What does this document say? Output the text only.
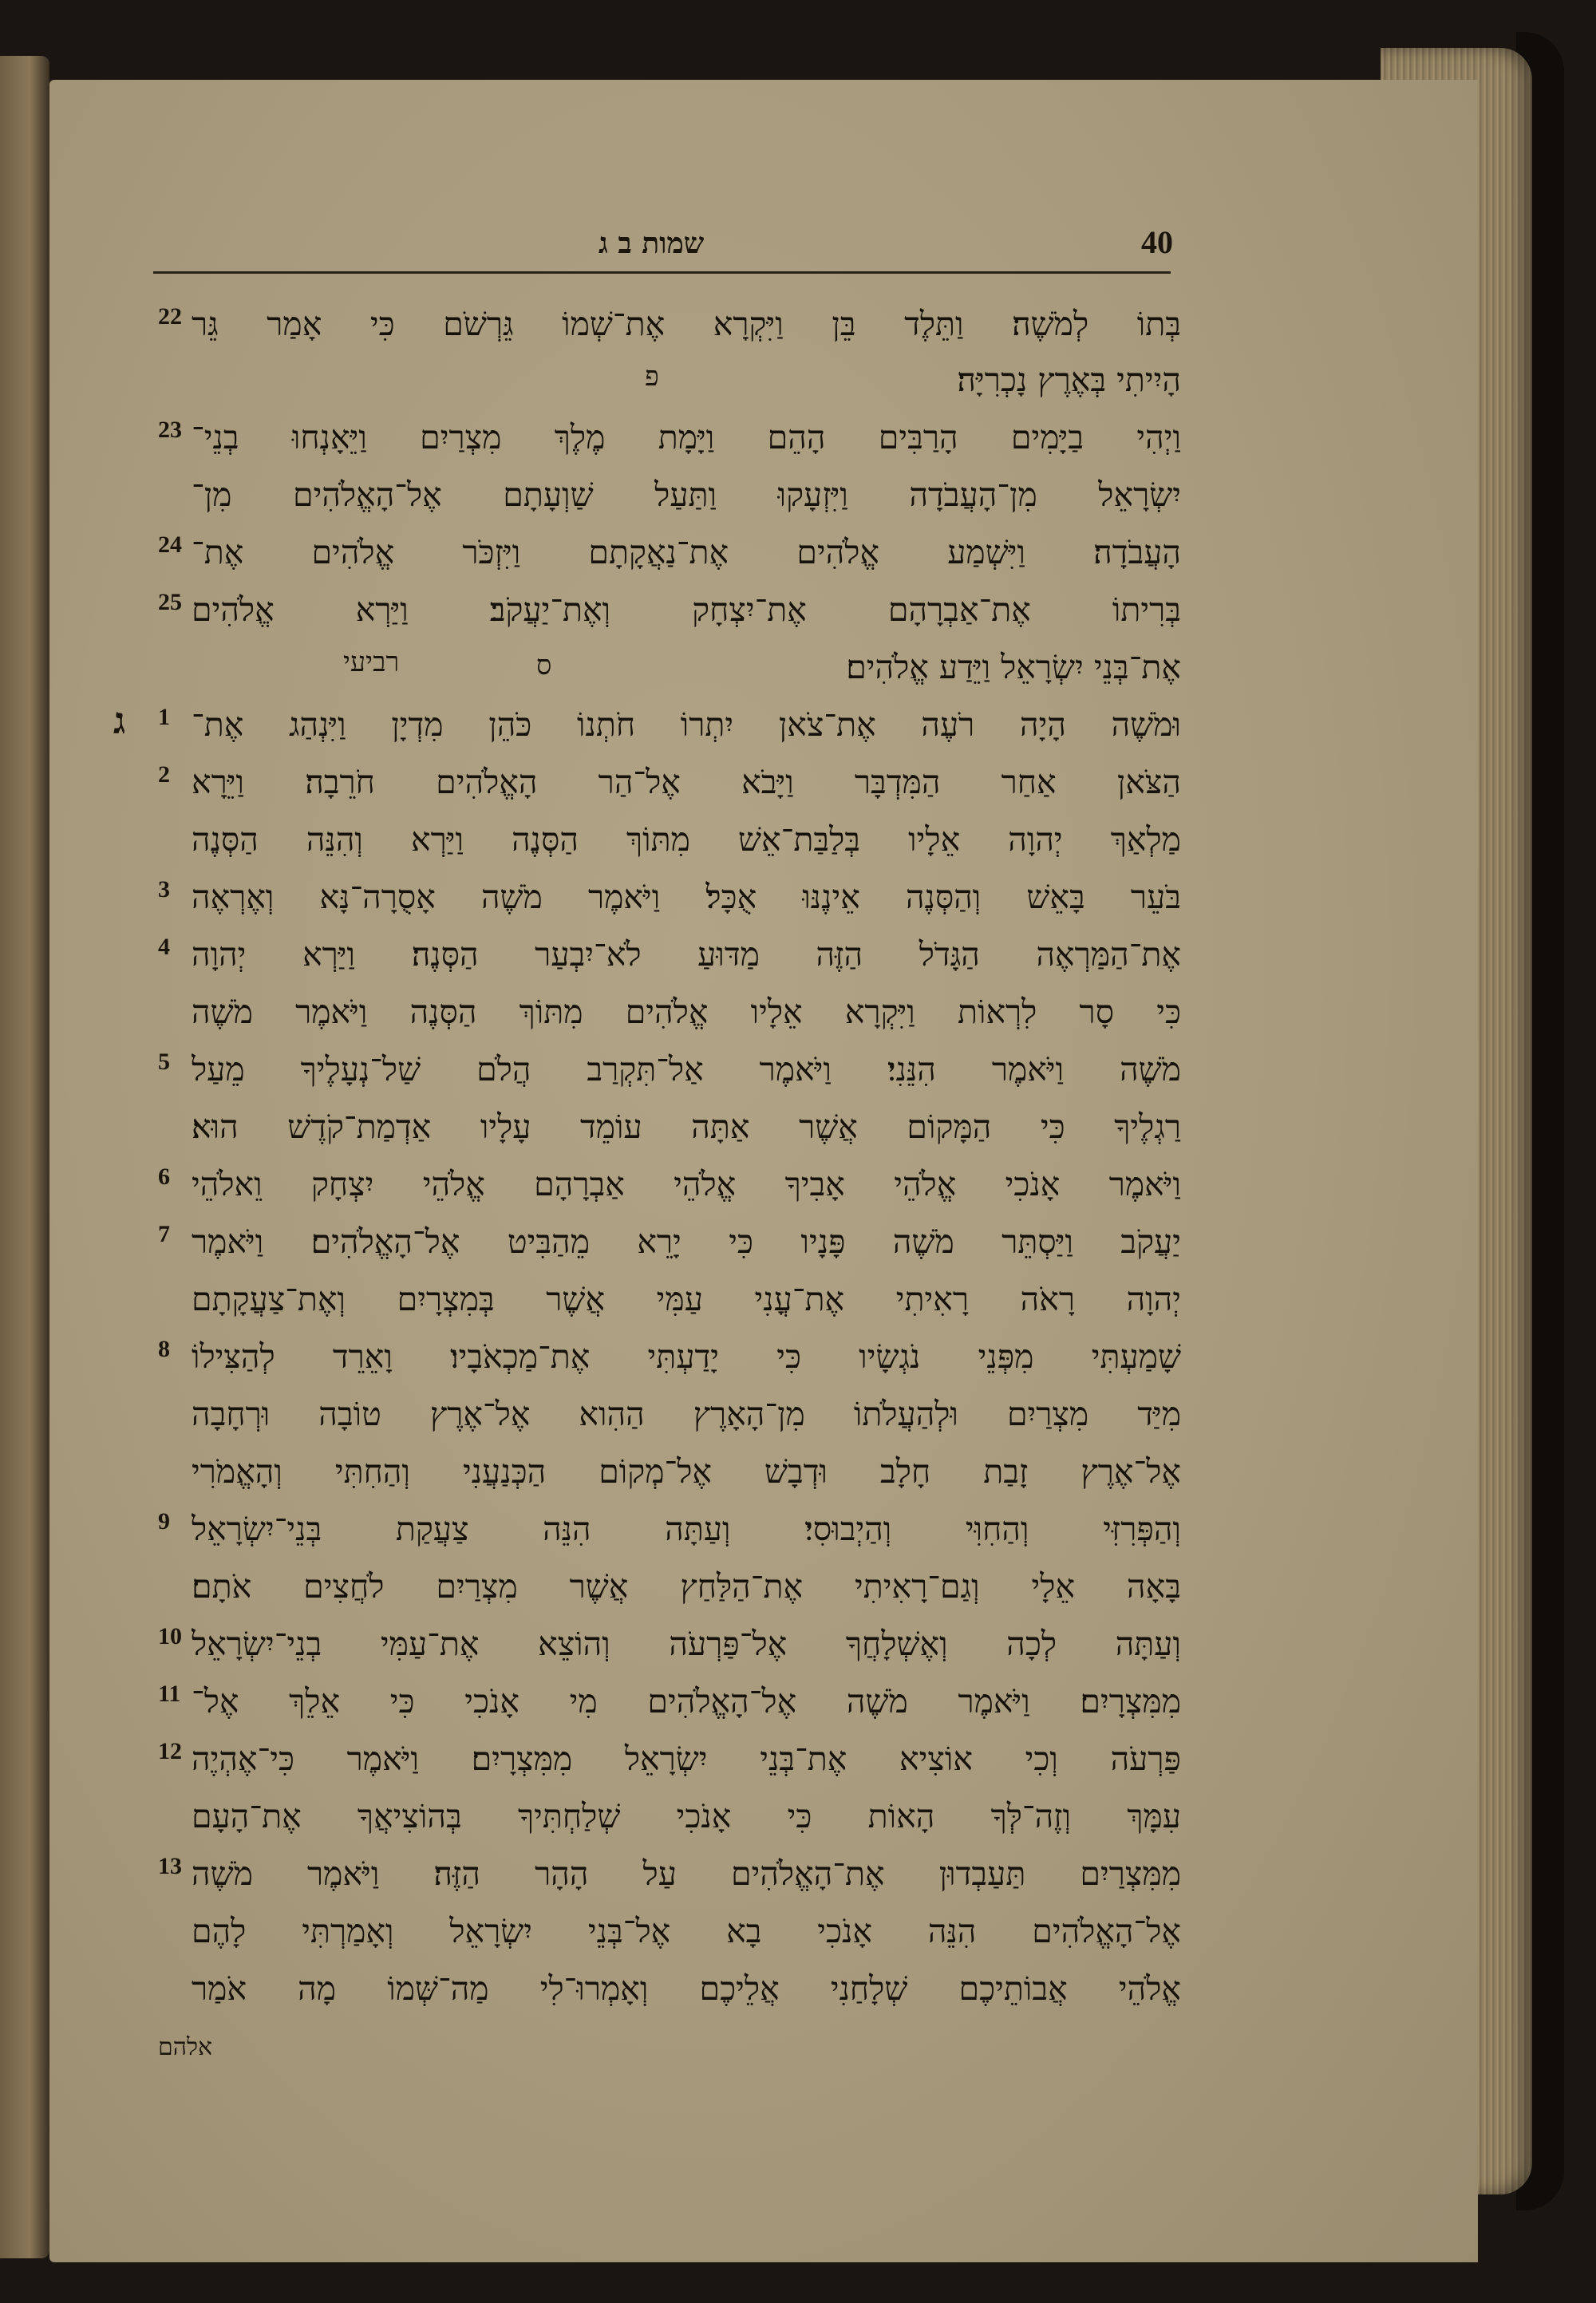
שמות ב ג	40
22 בְּתוֹ לְמֹשֶׁה׃ וַתֵּלֶד בֵּן וַיִּקְרָא אֶת־שְׁמוֹ גֵּרְשֹׁם כִּי אָמַר גֵּר
הָיִיתִי בְּאֶרֶץ נָכְרִיָּה׃
פ
23 וַיְהִי בַיָּמִים הָרַבִּים הָהֵם וַיָּמָת מֶלֶךְ מִצְרַיִם וַיֵּאָנְחוּ בְנֵי־
יִשְׂרָאֵל מִן־הָעֲבֹדָה וַיִּזְעָקוּ וַתַּעַל שַׁוְעָתָם אֶל־הָאֱלֹהִים מִן־
24 הָעֲבֹדָה׃ וַיִּשְׁמַע אֱלֹהִים אֶת־נַאֲקָתָם וַיִּזְכֹּר אֱלֹהִים אֶת־
25 בְּרִיתוֹ אֶת־אַבְרָהָם אֶת־יִצְחָק וְאֶת־יַעֲקֹב׃ וַיַּרְא אֱלֹהִים
אֶת־בְּנֵי יִשְׂרָאֵל וַיֵּדַע אֱלֹהִים׃
ס
רביעי
ג 1 וּמֹשֶׁה הָיָה רֹעֶה אֶת־צֹאן יִתְרוֹ חֹתְנוֹ כֹּהֵן מִדְיָן וַיִּנְהַג אֶת־
2 הַצֹּאן אַחַר הַמִּדְבָּר וַיָּבֹא אֶל־הַר הָאֱלֹהִים חֹרֵבָה׃ וַיֵּרָא
מַלְאַךְ יְהוָה אֵלָיו בְּלַבַּת־אֵשׁ מִתּוֹךְ הַסְּנֶה וַיַּרְא וְהִנֵּה הַסְּנֶה
3 בֹּעֵר בָּאֵשׁ וְהַסְּנֶה אֵינֶנּוּ אֻכָּל׃ וַיֹּאמֶר מֹשֶׁה אָסֻרָה־נָּא וְאֶרְאֶה
4 אֶת־הַמַּרְאֶה הַגָּדֹל הַזֶּה מַדּוּעַ לֹא־יִבְעַר הַסְּנֶה׃ וַיַּרְא יְהוָה
כִּי סָר לִרְאוֹת וַיִּקְרָא אֵלָיו אֱלֹהִים מִתּוֹךְ הַסְּנֶה וַיֹּאמֶר מֹשֶׁה
5 מֹשֶׁה וַיֹּאמֶר הִנֵּנִי׃ וַיֹּאמֶר אַל־תִּקְרַב הֲלֹם שַׁל־נְעָלֶיךָ מֵעַל
רַגְלֶיךָ כִּי הַמָּקוֹם אֲשֶׁר אַתָּה עוֹמֵד עָלָיו אַדְמַת־קֹדֶשׁ הוּא׃
6 וַיֹּאמֶר אָנֹכִי אֱלֹהֵי אָבִיךָ אֱלֹהֵי אַבְרָהָם אֱלֹהֵי יִצְחָק וֵאלֹהֵי
7 יַעֲקֹב וַיַּסְתֵּר מֹשֶׁה פָּנָיו כִּי יָרֵא מֵהַבִּיט אֶל־הָאֱלֹהִים׃ וַיֹּאמֶר
יְהוָה רָאֹה רָאִיתִי אֶת־עֳנִי עַמִּי אֲשֶׁר בְּמִצְרָיִם וְאֶת־צַעֲקָתָם
8 שָׁמַעְתִּי מִפְּנֵי נֹגְשָׂיו כִּי יָדַעְתִּי אֶת־מַכְאֹבָיו׃ וָאֵרֵד לְהַצִּילוֹ
מִיַּד מִצְרַיִם וּלְהַעֲלֹתוֹ מִן־הָאָרֶץ הַהִוא אֶל־אֶרֶץ טוֹבָה וּרְחָבָה
אֶל־אֶרֶץ זָבַת חָלָב וּדְבָשׁ אֶל־מְקוֹם הַכְּנַעֲנִי וְהַחִתִּי וְהָאֱמֹרִי
9 וְהַפְּרִזִּי וְהַחִוִּי וְהַיְבוּסִי׃ וְעַתָּה הִנֵּה צַעֲקַת בְּנֵי־יִשְׂרָאֵל
בָּאָה אֵלָי וְגַם־רָאִיתִי אֶת־הַלַּחַץ אֲשֶׁר מִצְרַיִם לֹחֲצִים אֹתָם׃
10 וְעַתָּה לְכָה וְאֶשְׁלָחֲךָ אֶל־פַּרְעֹה וְהוֹצֵא אֶת־עַמִּי בְנֵי־יִשְׂרָאֵל
11 מִמִּצְרָיִם׃ וַיֹּאמֶר מֹשֶׁה אֶל־הָאֱלֹהִים מִי אָנֹכִי כִּי אֵלֵךְ אֶל־
12 פַּרְעֹה וְכִי אוֹצִיא אֶת־בְּנֵי יִשְׂרָאֵל מִמִּצְרָיִם׃ וַיֹּאמֶר כִּי־אֶהְיֶה
עִמָּךְ וְזֶה־לְּךָ הָאוֹת כִּי אָנֹכִי שְׁלַחְתִּיךָ בְּהוֹצִיאֲךָ אֶת־הָעָם
13 מִמִּצְרַיִם תַּעַבְדוּן אֶת־הָאֱלֹהִים עַל הָהָר הַזֶּה׃ וַיֹּאמֶר מֹשֶׁה
אֶל־הָאֱלֹהִים הִנֵּה אָנֹכִי בָא אֶל־בְּנֵי יִשְׂרָאֵל וְאָמַרְתִּי לָהֶם
אֱלֹהֵי אֲבוֹתֵיכֶם שְׁלָחַנִי אֲלֵיכֶם וְאָמְרוּ־לִי מַה־שְּׁמוֹ מָה אֹמַר
אלהם
